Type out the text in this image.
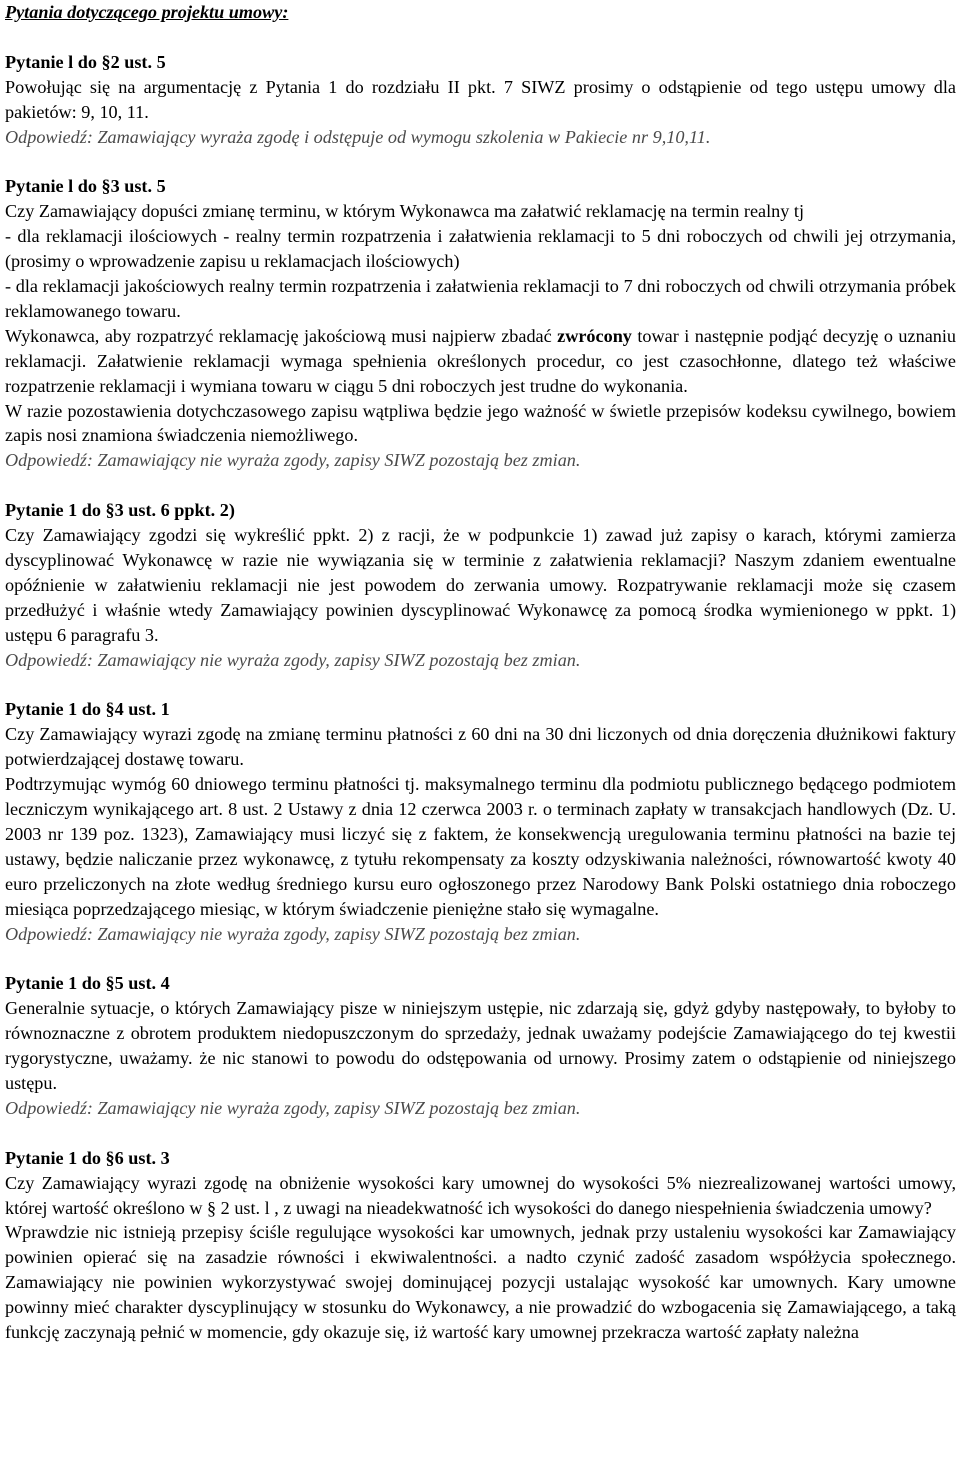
Pytania dotyczącego projektu umowy:

Pytanie l do §2 ust. 5

Powołując się na argumentację z Pytania 1 do rozdziału II pkt. 7 SIWZ prosimy o odstąpienie od tego ustępu umowy dla pakietów: 9, 10, 11.

Odpowiedź: Zamawiający wyraża zgodę i odstępuje od wymogu szkolenia w Pakiecie nr 9,10,11.

Pytanie l do §3 ust. 5

Czy Zamawiający dopuści zmianę terminu, w którym Wykonawca ma załatwić reklamację na termin realny tj

- dla reklamacji ilościowych - realny termin rozpatrzenia i załatwienia reklamacji to 5 dni roboczych od chwili jej otrzymania, (prosimy o wprowadzenie zapisu u reklamacjach ilościowych)

- dla reklamacji jakościowych realny termin rozpatrzenia i załatwienia reklamacji to 7 dni roboczych od chwili otrzymania próbek reklamowanego towaru.

Wykonawca, aby rozpatrzyć reklamację jakościową musi najpierw zbadać zwrócony towar i następnie podjąć decyzję o uznaniu reklamacji. Załatwienie reklamacji wymaga spełnienia określonych procedur, co jest czasochłonne, dlatego też właściwe rozpatrzenie reklamacji i wymiana towaru w ciągu 5 dni roboczych jest trudne do wykonania.

W razie pozostawienia dotychczasowego zapisu wątpliwa będzie jego ważność w świetle przepisów kodeksu cywilnego, bowiem zapis nosi znamiona świadczenia niemożliwego.

Odpowiedź: Zamawiający nie wyraża zgody, zapisy SIWZ pozostają bez zmian.

Pytanie 1 do §3 ust. 6 ppkt. 2)

Czy Zamawiający zgodzi się wykreślić ppkt. 2) z racji, że w podpunkcie 1) zawad już zapisy o karach, którymi zamierza dyscyplinować Wykonawcę w razie nie wywiązania się w terminie z załatwienia reklamacji? Naszym zdaniem ewentualne opóźnienie w załatwieniu reklamacji nie jest powodem do zerwania umowy. Rozpatrywanie reklamacji może się czasem przedłużyć i właśnie wtedy Zamawiający powinien dyscyplinować Wykonawcę za pomocą środka wymienionego w ppkt. 1) ustępu 6 paragrafu 3.

Odpowiedź: Zamawiający nie wyraża zgody, zapisy SIWZ pozostają bez zmian.

Pytanie 1 do §4 ust. 1

Czy Zamawiający wyrazi zgodę na zmianę terminu płatności z 60 dni na 30 dni liczonych od dnia doręczenia dłużnikowi faktury potwierdzającej dostawę towaru.

Podtrzymując wymóg 60 dniowego terminu płatności tj. maksymalnego terminu dla podmiotu publicznego będącego podmiotem leczniczym wynikającego art. 8 ust. 2 Ustawy z dnia 12 czerwca 2003 r. o terminach zapłaty w transakcjach handlowych (Dz. U. 2003 nr 139 poz. 1323), Zamawiający musi liczyć się z faktem, że konsekwencją uregulowania terminu płatności na bazie tej ustawy, będzie naliczanie przez wykonawcę, z tytułu rekompensaty za koszty odzyskiwania należności, równowartość kwoty 40 euro przeliczonych na złote według średniego kursu euro ogłoszonego przez Narodowy Bank Polski ostatniego dnia roboczego miesiąca poprzedzającego miesiąc, w którym świadczenie pieniężne stało się wymagalne.

Odpowiedź: Zamawiający nie wyraża zgody, zapisy SIWZ pozostają bez zmian.

Pytanie 1 do §5 ust. 4

Generalnie sytuacje, o których Zamawiający pisze w niniejszym ustępie, nic zdarzają się, gdyż gdyby następowały, to byłoby to równoznaczne z obrotem produktem niedopuszczonym do sprzedaży, jednak uważamy podejście Zamawiającego do tej kwestii rygorystyczne, uważamy. że nic stanowi to powodu do odstępowania od urnowy. Prosimy zatem o odstąpienie od niniejszego ustępu.

Odpowiedź: Zamawiający nie wyraża zgody, zapisy SIWZ pozostają bez zmian.

Pytanie 1 do §6 ust. 3

Czy Zamawiający wyrazi zgodę na obniżenie wysokości kary umownej do wysokości 5% niezrealizowanej wartości umowy, której wartość określono w § 2 ust. l , z uwagi na nieadekwatność ich wysokości do danego niespełnienia świadczenia umowy?

Wprawdzie nic istnieją przepisy ściśle regulujące wysokości kar umownych, jednak przy ustaleniu wysokości kar Zamawiający powinien opierać się na zasadzie równości i ekwiwalentności. a nadto czynić zadość zasadom współżycia społecznego. Zamawiający nie powinien wykorzystywać swojej dominującej pozycji ustalając wysokość kar umownych. Kary umowne powinny mieć charakter dyscyplinujący w stosunku do Wykonawcy, a nie prowadzić do wzbogacenia się Zamawiającego, a taką funkcję zaczynają pełnić w momencie, gdy okazuje się, iż wartość kary umownej przekracza wartość zapłaty należna
